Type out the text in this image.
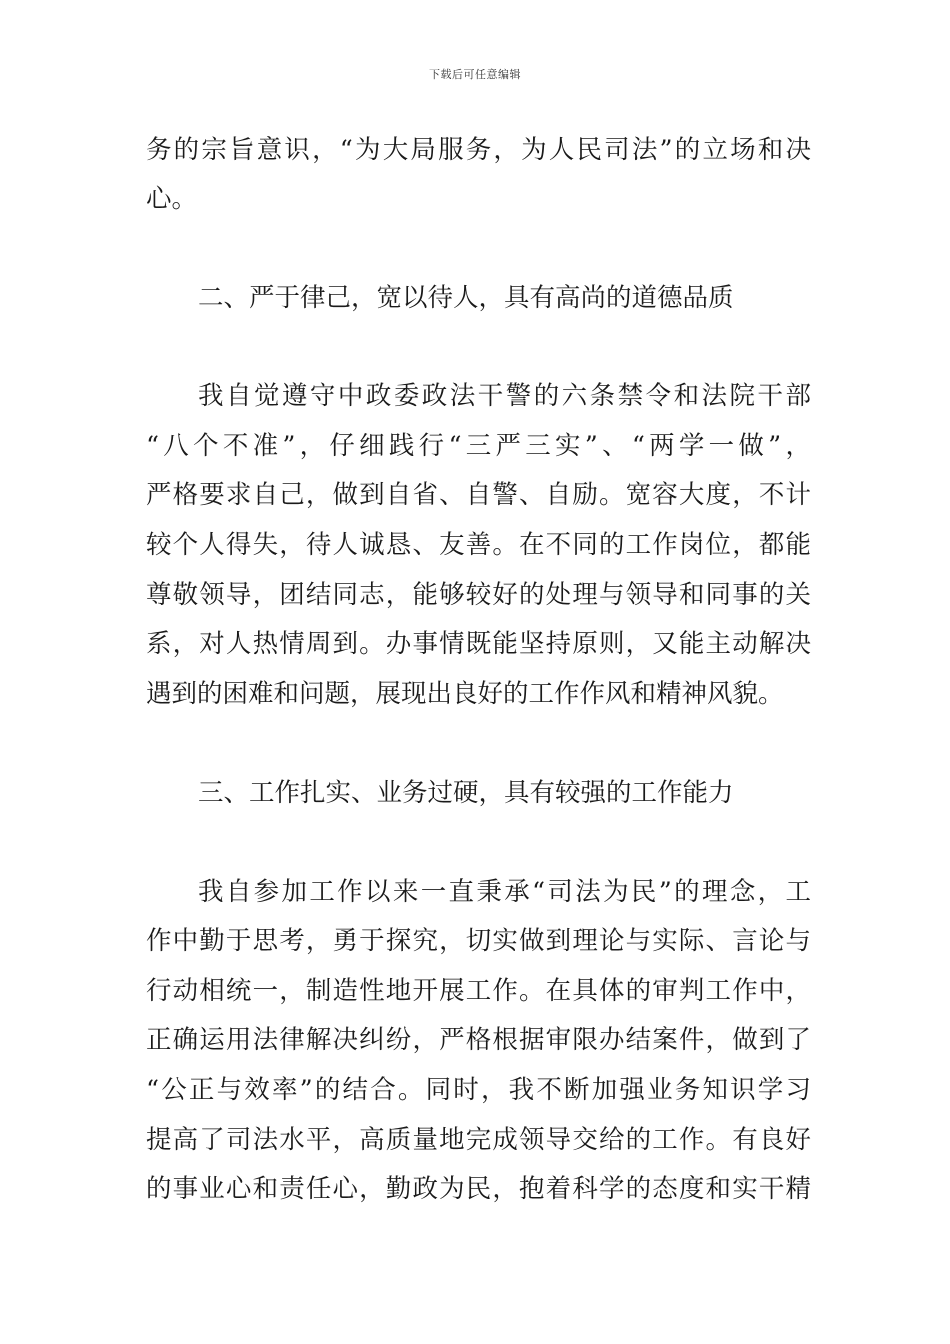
下载后可任意编辑
务的宗旨意识，“为大局服务，为人民司法”的立场和决
心。
二、严于律己，宽以待人，具有高尚的道德品质
我自觉遵守中政委政法干警的六条禁令和法院干部
“八个不准”，仔细践行“三严三实”、“两学一做”，
严格要求自己，做到自省、自警、自励。宽容大度，不计
较个人得失，待人诚恳、友善。在不同的工作岗位，都能
尊敬领导，团结同志，能够较好的处理与领导和同事的关
系，对人热情周到。办事情既能坚持原则，又能主动解决
遇到的困难和问题，展现出良好的工作作风和精神风貌。
三、工作扎实、业务过硬，具有较强的工作能力
我自参加工作以来一直秉承“司法为民”的理念，工
作中勤于思考，勇于探究，切实做到理论与实际、言论与
行动相统一，制造性地开展工作。在具体的审判工作中，
正确运用法律解决纠纷，严格根据审限办结案件，做到了
“公正与效率”的结合。同时，我不断加强业务知识学习
提高了司法水平，高质量地完成领导交给的工作。有良好
的事业心和责任心，勤政为民，抱着科学的态度和实干精
